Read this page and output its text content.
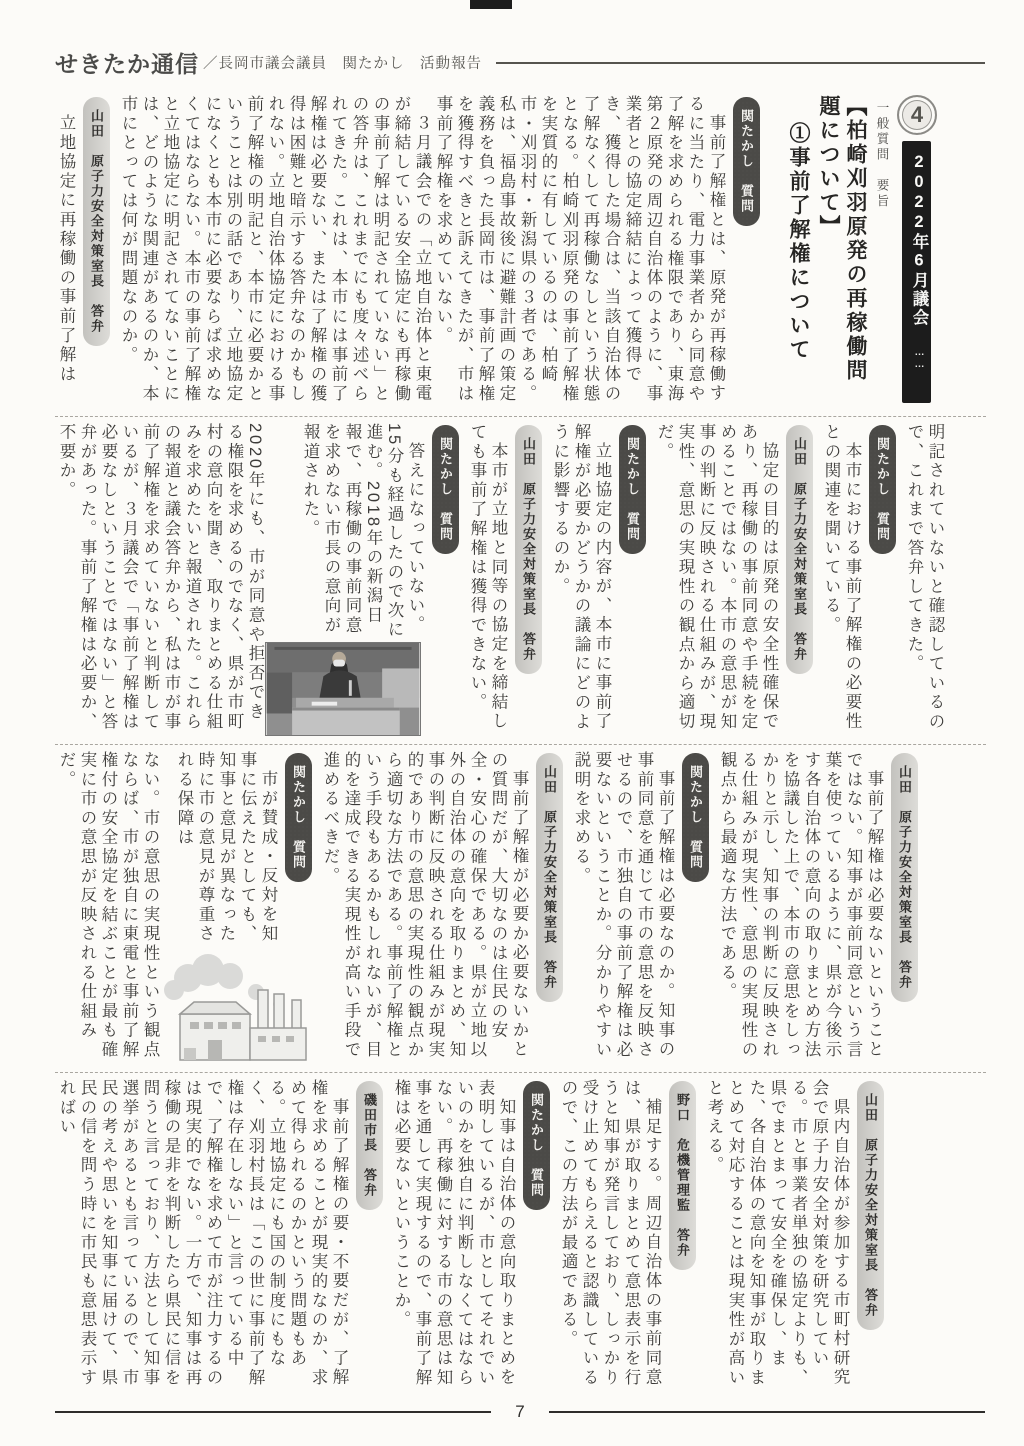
せきたか通信 ／長岡市議会議員　関たかし　活動報告
4
2022年6月議会 ……
一般質問　要旨
【柏崎刈羽原発の再稼働問題について】
①事前了解権について
関たかし　質問

事前了解権とは、原発が再稼働するに当たり、電力事業者から同意や了解を求められる権限であり、東海第２原発の周辺自治体のように、事業者との協定締結によって獲得でき、獲得した場合は、当該自治体の了解なくして再稼働なしという状態となる。柏崎刈羽原発の事前了解権を実質的に有しているのは、柏崎市・刈羽村・新潟県の３者である。私は、福島事故後に避難計画の策定義務を負った長岡市は、事前了解権を獲得すべきと訴えてきたが、市は事前了解権を求めていない。

３月議会での「立地自治体と東電が締結している安全協定にも再稼働の事前了解は明記されていない」との答弁は、これまでにも度々述べられてきた。これは、本市には事前了解権は必要ない、または了解権の獲得は困難と暗示する答弁なのかもしれない。立地自治体協定における事前了解権の明記と、本市に必要かということは別の話であり、立地協定になくとも本市に必要ならば求めなくてはならない。本市の事前了解権と立地協定に明記されてないことには、どのような関連があるのか、本市にとっては何が問題なのか。

山田　原子力安全対策室長　答弁

立地協定に再稼働の事前了解は

明記されていないと確認しているので、これまで答弁してきた。

関たかし　質問

本市における事前了解権の必要性との関連を聞いている。

山田　原子力安全対策室長　答弁

協定の目的は原発の安全性確保であり、再稼働の事前同意や手続を定めることではない。本市の意思が知事の判断に反映される仕組みが、現実性、意思の実現性の観点から適切だ。

関たかし　質問

立地協定の内容が、本市に事前了解権が必要かどうかの議論にどのように影響するのか。

山田　原子力安全対策室長　答弁

本市が立地と同等の協定を締結しても事前了解権は獲得できない。

関たかし　質問

答えになっていない。15分も経過したので次に進む。2018年の新潟日報で、再稼働の事前同意を求めない市長の意向が報道された。

2020年にも、市が同意や拒否できる権限を求めるのでなく、県が市町村の意向を聞き、取りまとめる仕組みを求めたいと報道された。これらの報道と議会答弁から、私は市が事前了解権を求めていないと判断しているが、３月議会で「事前了解権は必要なしということではない」と答弁があった。事前了解権は必要か、不要か。

山田　原子力安全対策室長　答弁

事前了解権は必要ないということではない。知事が事前同意という言葉を使っているように、県が今後示す各自治体の意向の取りまとめ方法を協議した上で、本市の意思をしっかりと示し、知事の判断に反映される仕組みが現実性、意思の実現性の観点から最適な方法である。

関たかし　質問

事前了解権は必要なのか。知事の事前同意を通じて市の意思を反映させるので、市独自の事前了解権は必要ないということか。分かりやすい説明を求める。

山田　原子力安全対策室長　答弁

事前了解権が必要か必要ないかとの質問だが、大切なのは住民の安全・安心の確保である。県が立地以外の自治体の意向を取りまとめ、知事の判断に反映される仕組みが現実的であり市の意思の実現性の観点から適切な方法である。事前了解権という手段もあるかもしれないが、目的を達成できる実現性が高い手段で進めるべきだ。

関たかし　質問

市が賛成・反対を知事に伝えたとしても、知事と意見が異なった時に市の意見が尊重される保障は

ない。市の意思の実現性という観点ならば、市が独自に東電と事前了解権付の安全協定を結ぶことが最も確実に市の意思が反映される仕組みだ。

山田　原子力安全対策室長　答弁

県内自治体が参加する市町村研究会で原子力安全対策を研究している。市と事業者単独の協定よりも、県でまとまって安全を確保し、また、各自治体の意向を知事が取りまとめて対応することは現実性が高いと考える。

野口　危機管理監　答弁

補足する。周辺自治体の事前同意は、県が取りまとめて意思表示を行うと知事が発言しており、しっかり受け止めてもらえると認識しているので、この方法が最適である。

関たかし　質問

知事は自治体の意向取りまとめを表明しているが、市としてそれでいいのかを独自に判断しなくてはならない。再稼働に対する市の意思は知事を通して実現するので、事前了解権は必要ないということか。

磯田市長　答弁

事前了解権の要・不要だが、了解権を求めることが現実的なのか、求めて得られるのかという問題もある。立地協定にも国の制度にもなく、刈羽村長は「この世に事前了解権は存在しない」と言っている中で、了解権を求めて市が注力するのは現実的でない。一方で、知事は再稼働の是非を判断したら県民に信を問うと言っており、方法として知事選挙があるとも言っているので、市民の考えや思いを知事に届けて、県民の信を問う時に市民も意思表示すればい

7
